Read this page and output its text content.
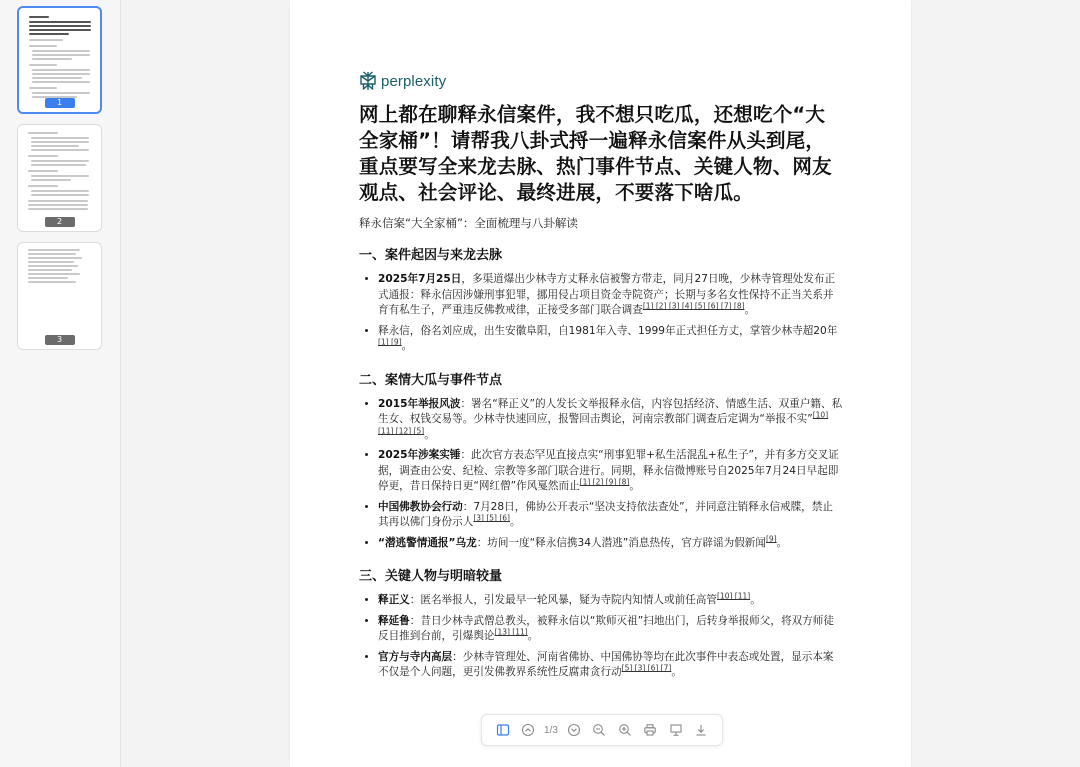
1
2
3
perplexity
网上都在聊释永信案件，我不想只吃瓜，还想吃个“大全家桶”！请帮我八卦式捋一遍释永信案件从头到尾，重点要写全来龙去脉、热门事件节点、关键人物、网友观点、社会评论、最终进展，不要落下啥瓜。
释永信案“大全家桶”：全面梳理与八卦解读
一、案件起因与来龙去脉
• 2025年7月25日，多渠道爆出少林寺方丈释永信被警方带走，同月27日晚，少林寺管理处发布正式通报：释永信因涉嫌刑事犯罪，挪用侵占项目资金寺院资产；长期与多名女性保持不正当关系并育有私生子，严重违反佛教戒律，正接受多部门联合调查[1] [2] [3] [4] [5] [6] [7] [8]。
• 释永信，俗名刘应成，出生安徽阜阳，自1981年入寺、1999年正式担任方丈，掌管少林寺超20年[1] [9]。
二、案情大瓜与事件节点
• 2015年举报风波：署名“释正义”的人发长文举报释永信，内容包括经济、情感生活、双重户籍、私生女、权钱交易等。少林寺快速回应，报警回击舆论，河南宗教部门调查后定调为“举报不实”[10] [11] [12] [5]。
• 2025年涉案实锤：此次官方表态罕见直接点实“刑事犯罪+私生活混乱+私生子”，并有多方交叉证据，调查由公安、纪检、宗教等多部门联合进行。同期，释永信微博账号自2025年7月24日早起即停更，昔日保持日更“网红僧”作风戛然而止[1] [2] [9] [8]。
• 中国佛教协会行动：7月28日，佛协公开表示“坚决支持依法查处”，并同意注销释永信戒牒，禁止其再以佛门身份示人[3] [5] [6]。
• “潜逃警情通报”乌龙：坊间一度“释永信携34人潜逃”消息热传，官方辟谣为假新闻[9]。
三、关键人物与明暗较量
• 释正义：匿名举报人，引发最早一轮风暴，疑为寺院内知情人或前任高管[10] [11]。
• 释延鲁：昔日少林寺武僧总教头，被释永信以“欺师灭祖”扫地出门，后转身举报师父，将双方师徒反目推到台前，引爆舆论[13] [11]。
• 官方与寺内高层：少林寺管理处、河南省佛协、中国佛协等均在此次事件中表态或处置，显示本案不仅是个人问题，更引发佛教界系统性反腐肃贪行动[5] [3] [6] [7]。
1/3
